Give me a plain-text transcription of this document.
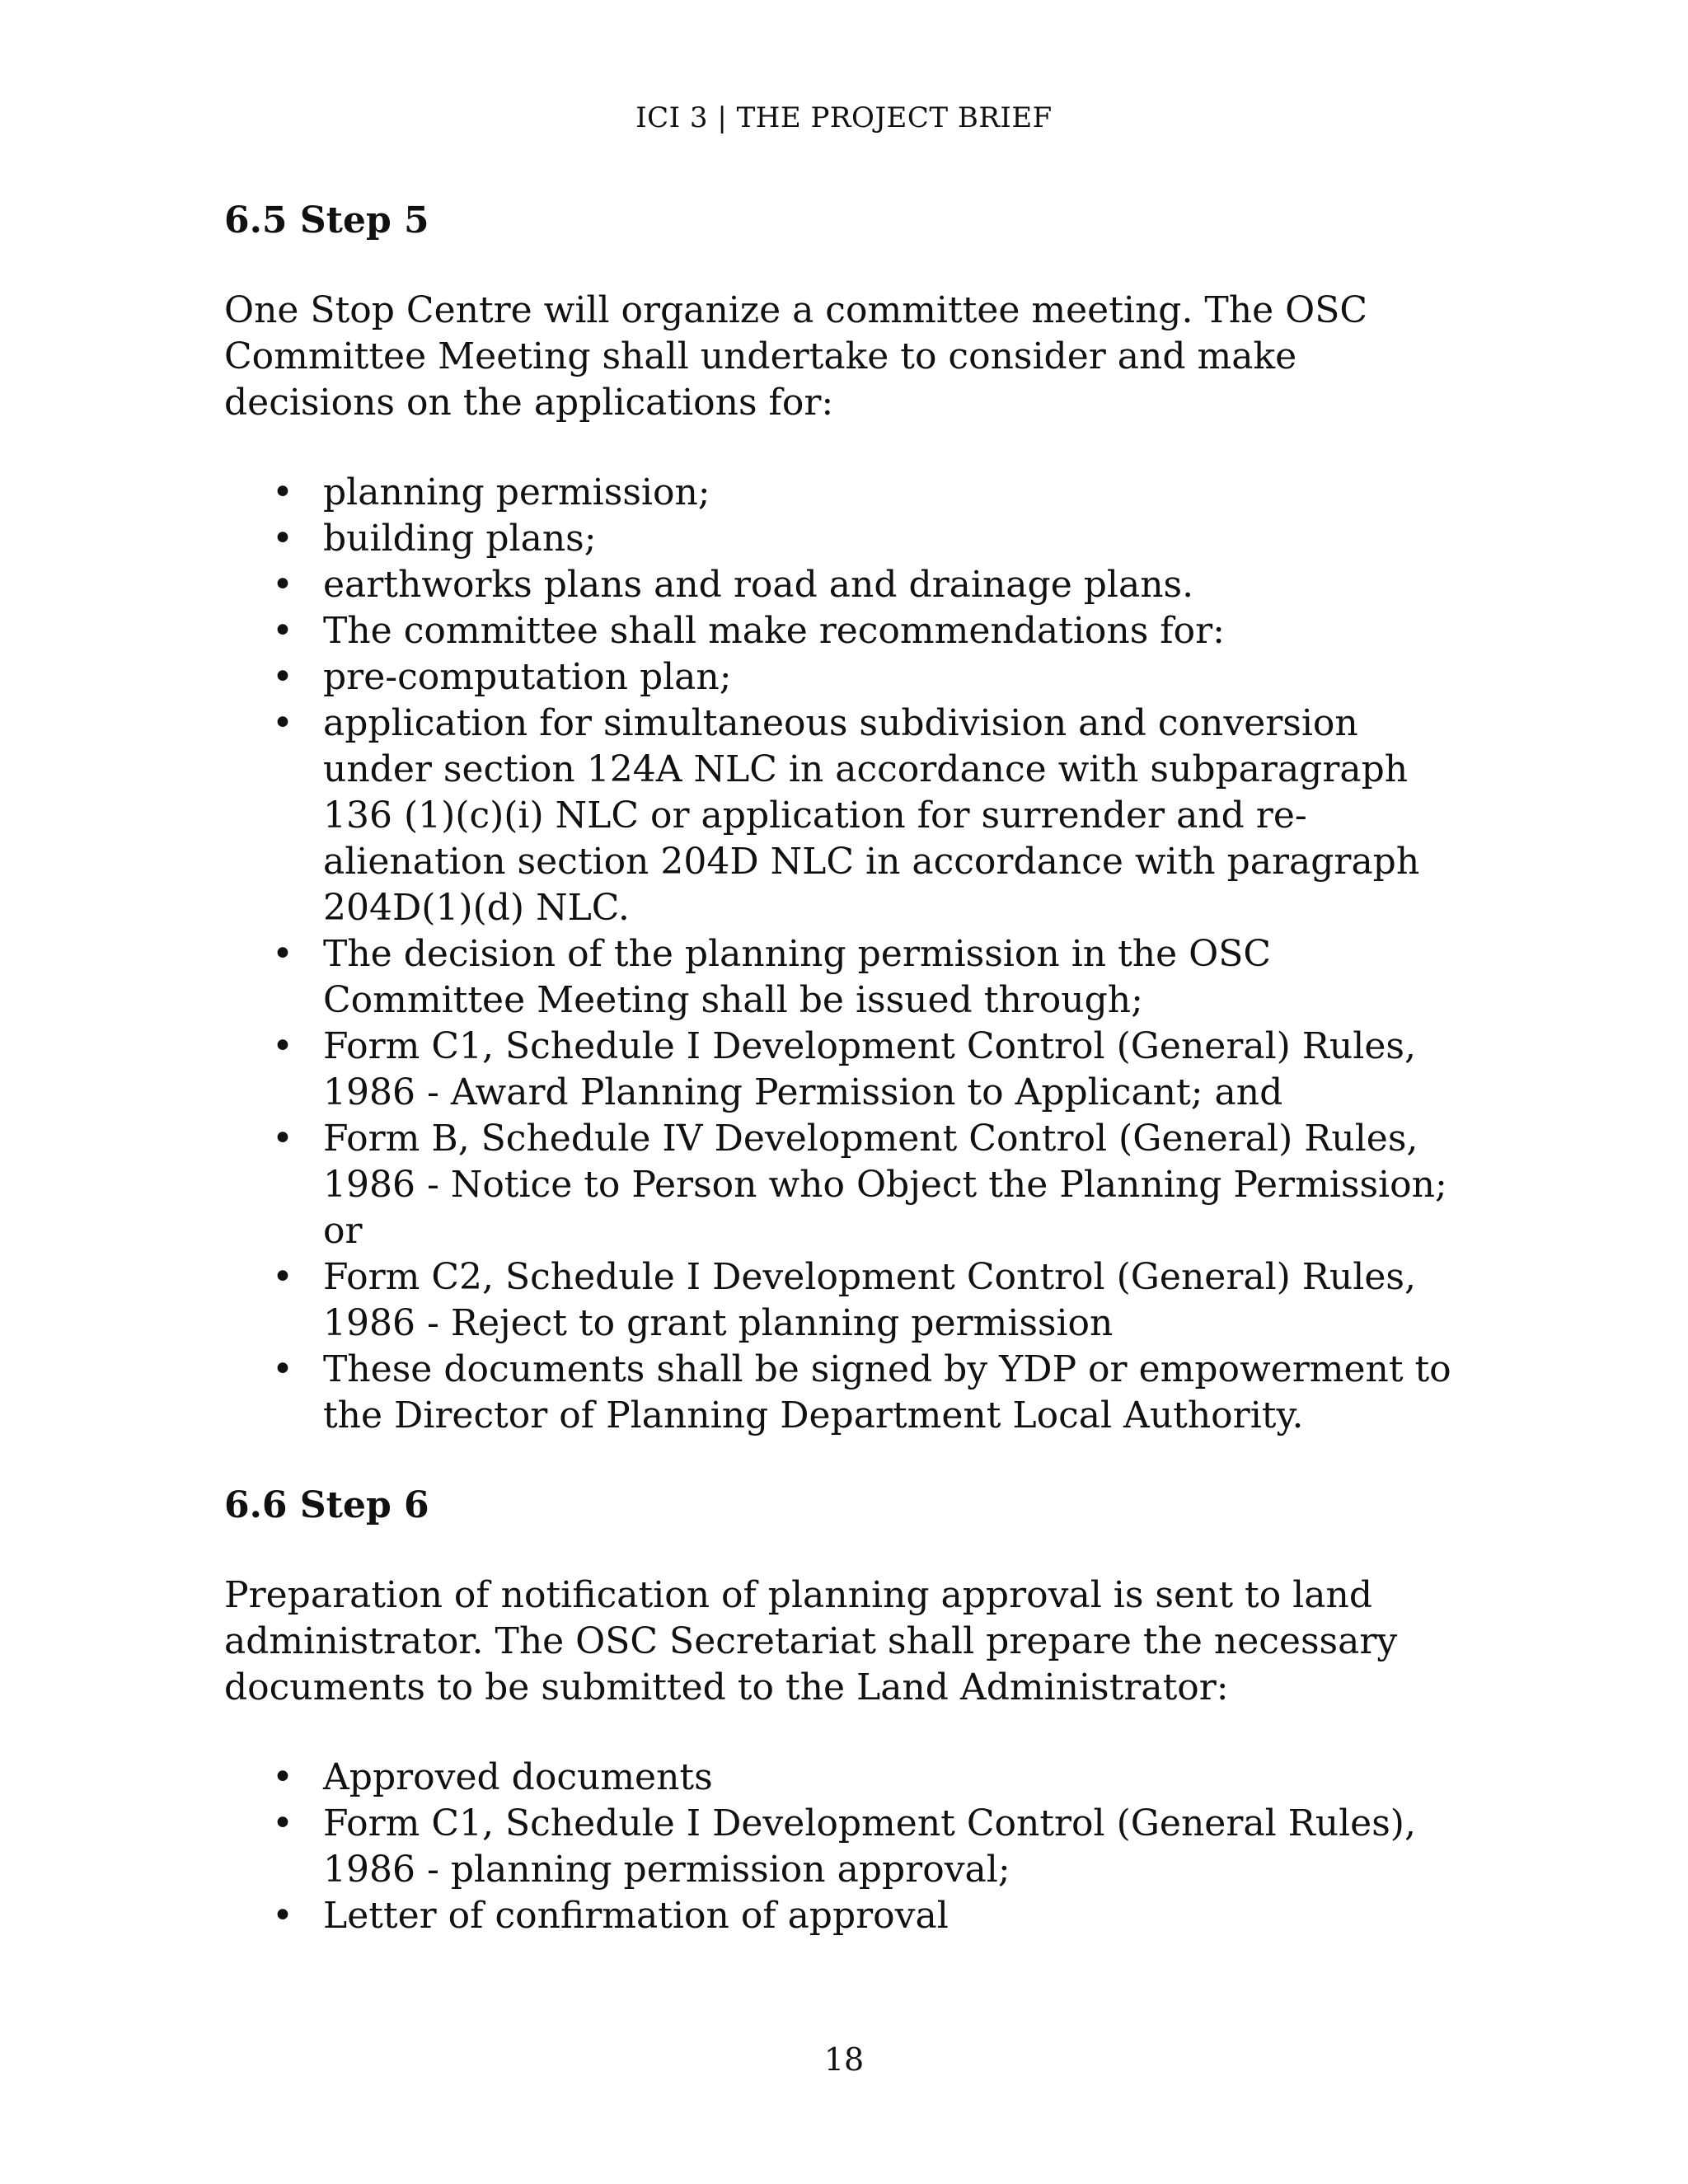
ICI 3 | THE PROJECT BRIEF
6.5 Step 5

One Stop Centre will organize a committee meeting. The OSC Committee Meeting shall undertake to consider and make decisions on the applications for:

• planning permission;
• building plans;
• earthworks plans and road and drainage plans.
• The committee shall make recommendations for:
• pre-computation plan;
• application for simultaneous subdivision and conversion under section 124A NLC in accordance with subparagraph 136 (1)(c)(i) NLC or application for surrender and re-alienation section 204D NLC in accordance with paragraph 204D(1)(d) NLC.
• The decision of the planning permission in the OSC Committee Meeting shall be issued through;
• Form C1, Schedule I Development Control (General) Rules, 1986 - Award Planning Permission to Applicant; and
• Form B, Schedule IV Development Control (General) Rules, 1986 - Notice to Person who Object the Planning Permission; or
• Form C2, Schedule I Development Control (General) Rules, 1986 - Reject to grant planning permission
• These documents shall be signed by YDP or empowerment to the Director of Planning Department Local Authority.
6.6 Step 6

Preparation of notification of planning approval is sent to land administrator. The OSC Secretariat shall prepare the necessary documents to be submitted to the Land Administrator:

• Approved documents
• Form C1, Schedule I Development Control (General Rules), 1986 - planning permission approval;
• Letter of confirmation of approval
18
